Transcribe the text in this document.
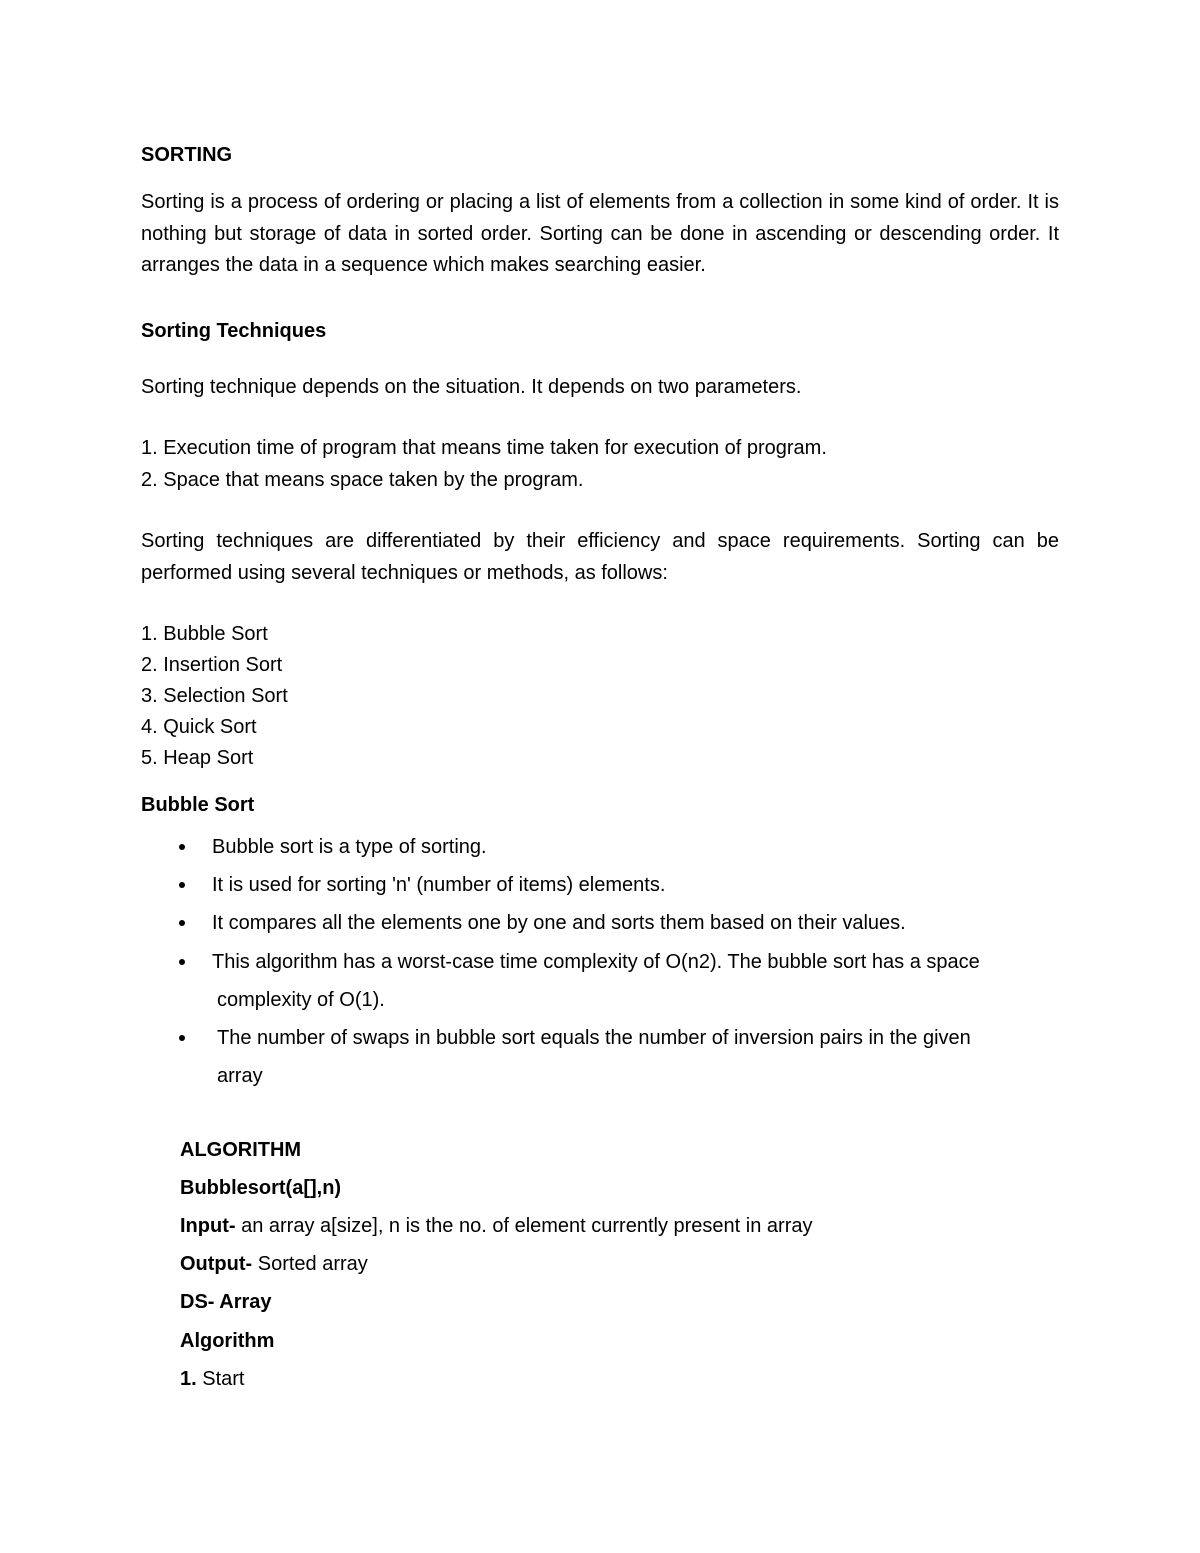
SORTING

Sorting is a process of ordering or placing a list of elements from a collection in some kind of order. It is nothing but storage of data in sorted order. Sorting can be done in ascending or descending order. It arranges the data in a sequence which makes searching easier.

Sorting Techniques

Sorting technique depends on the situation. It depends on two parameters.

1. Execution time of program that means time taken for execution of program.

2. Space that means space taken by the program.

Sorting techniques are differentiated by their efficiency and space requirements. Sorting can be performed using several techniques or methods, as follows:

1. Bubble Sort

2. Insertion Sort

3. Selection Sort

4. Quick Sort

5. Heap Sort

Bubble Sort

Bubble sort is a type of sorting.
It is used for sorting 'n' (number of items) elements.
It compares all the elements one by one and sorts them based on their values.
This algorithm has a worst-case time complexity of O(n2). The bubble sort has a space
complexity of O(1).
The number of swaps in bubble sort equals the number of inversion pairs in the given
array

ALGORITHM

Bubblesort(a[],n)

Input- an array a[size], n is the no. of element currently present in array

Output- Sorted array

DS- Array

Algorithm

1. Start
